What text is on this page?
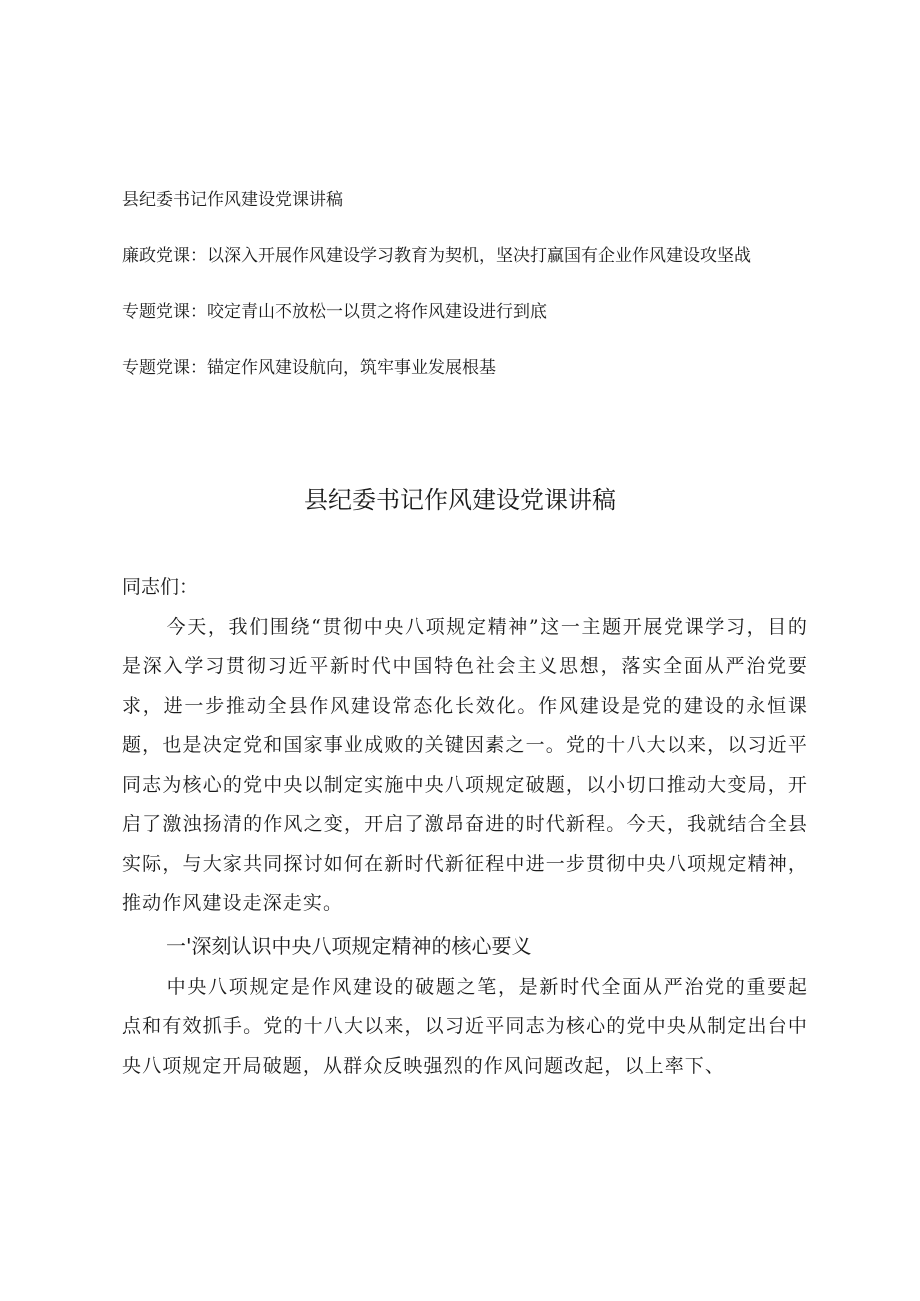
县纪委书记作风建设党课讲稿

廉政党课：以深入开展作风建设学习教育为契机，坚决打赢国有企业作风建设攻坚战

专题党课：咬定青山不放松一以贯之将作风建设进行到底

专题党课：锚定作风建设航向，筑牢事业发展根基

县纪委书记作风建设党课讲稿

同志们：

今天，我们围绕“贯彻中央八项规定精神”这一主题开展党课学习，目的是深入学习贯彻习近平新时代中国特色社会主义思想，落实全面从严治党要求，进一步推动全县作风建设常态化长效化。作风建设是党的建设的永恒课题，也是决定党和国家事业成败的关键因素之一。党的十八大以来，以习近平同志为核心的党中央以制定实施中央八项规定破题，以小切口推动大变局，开启了激浊扬清的作风之变，开启了激昂奋进的时代新程。今天，我就结合全县实际，与大家共同探讨如何在新时代新征程中进一步贯彻中央八项规定精神，推动作风建设走深走实。

一'深刻认识中央八项规定精神的核心要义

中央八项规定是作风建设的破题之笔，是新时代全面从严治党的重要起点和有效抓手。党的十八大以来，以习近平同志为核心的党中央从制定出台中央八项规定开局破题，从群众反映强烈的作风问题改起，以上率下、
